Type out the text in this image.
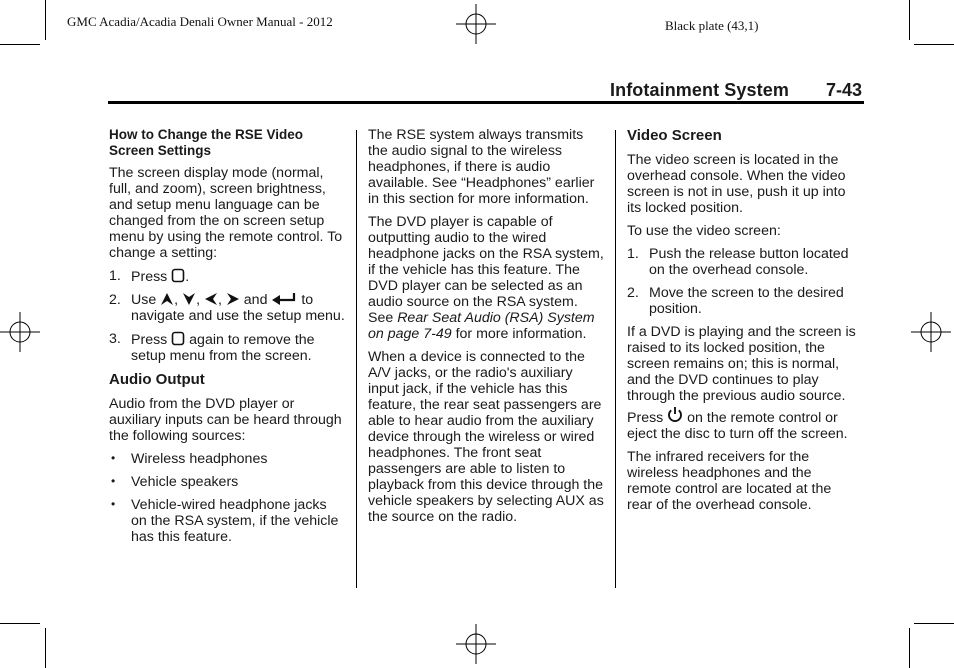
GMC Acadia/Acadia Denali Owner Manual - 2012	Black plate (43,1)
Infotainment System 7-43
How to Change the RSE Video Screen Settings

The screen display mode (normal, full, and zoom), screen brightness, and setup menu language can be changed from the on screen setup menu by using the remote control. To change a setting:

1. Press .
2. Use , , ,  and  to navigate and use the setup menu.
3. Press  again to remove the setup menu from the screen.
Audio Output

Audio from the DVD player or auxiliary inputs can be heard through the following sources:

• Wireless headphones
• Vehicle speakers
• Vehicle-wired headphone jacks on the RSA system, if the vehicle has this feature.

The RSE system always transmits the audio signal to the wireless headphones, if there is audio available. See “Headphones” earlier in this section for more information.

The DVD player is capable of outputting audio to the wired headphone jacks on the RSA system, if the vehicle has this feature. The DVD player can be selected as an audio source on the RSA system. See Rear Seat Audio (RSA) System on page 7-49 for more information.

When a device is connected to the A/V jacks, or the radio's auxiliary input jack, if the vehicle has this feature, the rear seat passengers are able to hear audio from the auxiliary device through the wireless or wired headphones. The front seat passengers are able to listen to playback from this device through the vehicle speakers by selecting AUX as the source on the radio.

Video Screen

The video screen is located in the overhead console. When the video screen is not in use, push it up into its locked position.

To use the video screen:

1. Push the release button located on the overhead console.
2. Move the screen to the desired position.

If a DVD is playing and the screen is raised to its locked position, the screen remains on; this is normal, and the DVD continues to play through the previous audio source.

Press  on the remote control or eject the disc to turn off the screen.

The infrared receivers for the wireless headphones and the remote control are located at the rear of the overhead console.
